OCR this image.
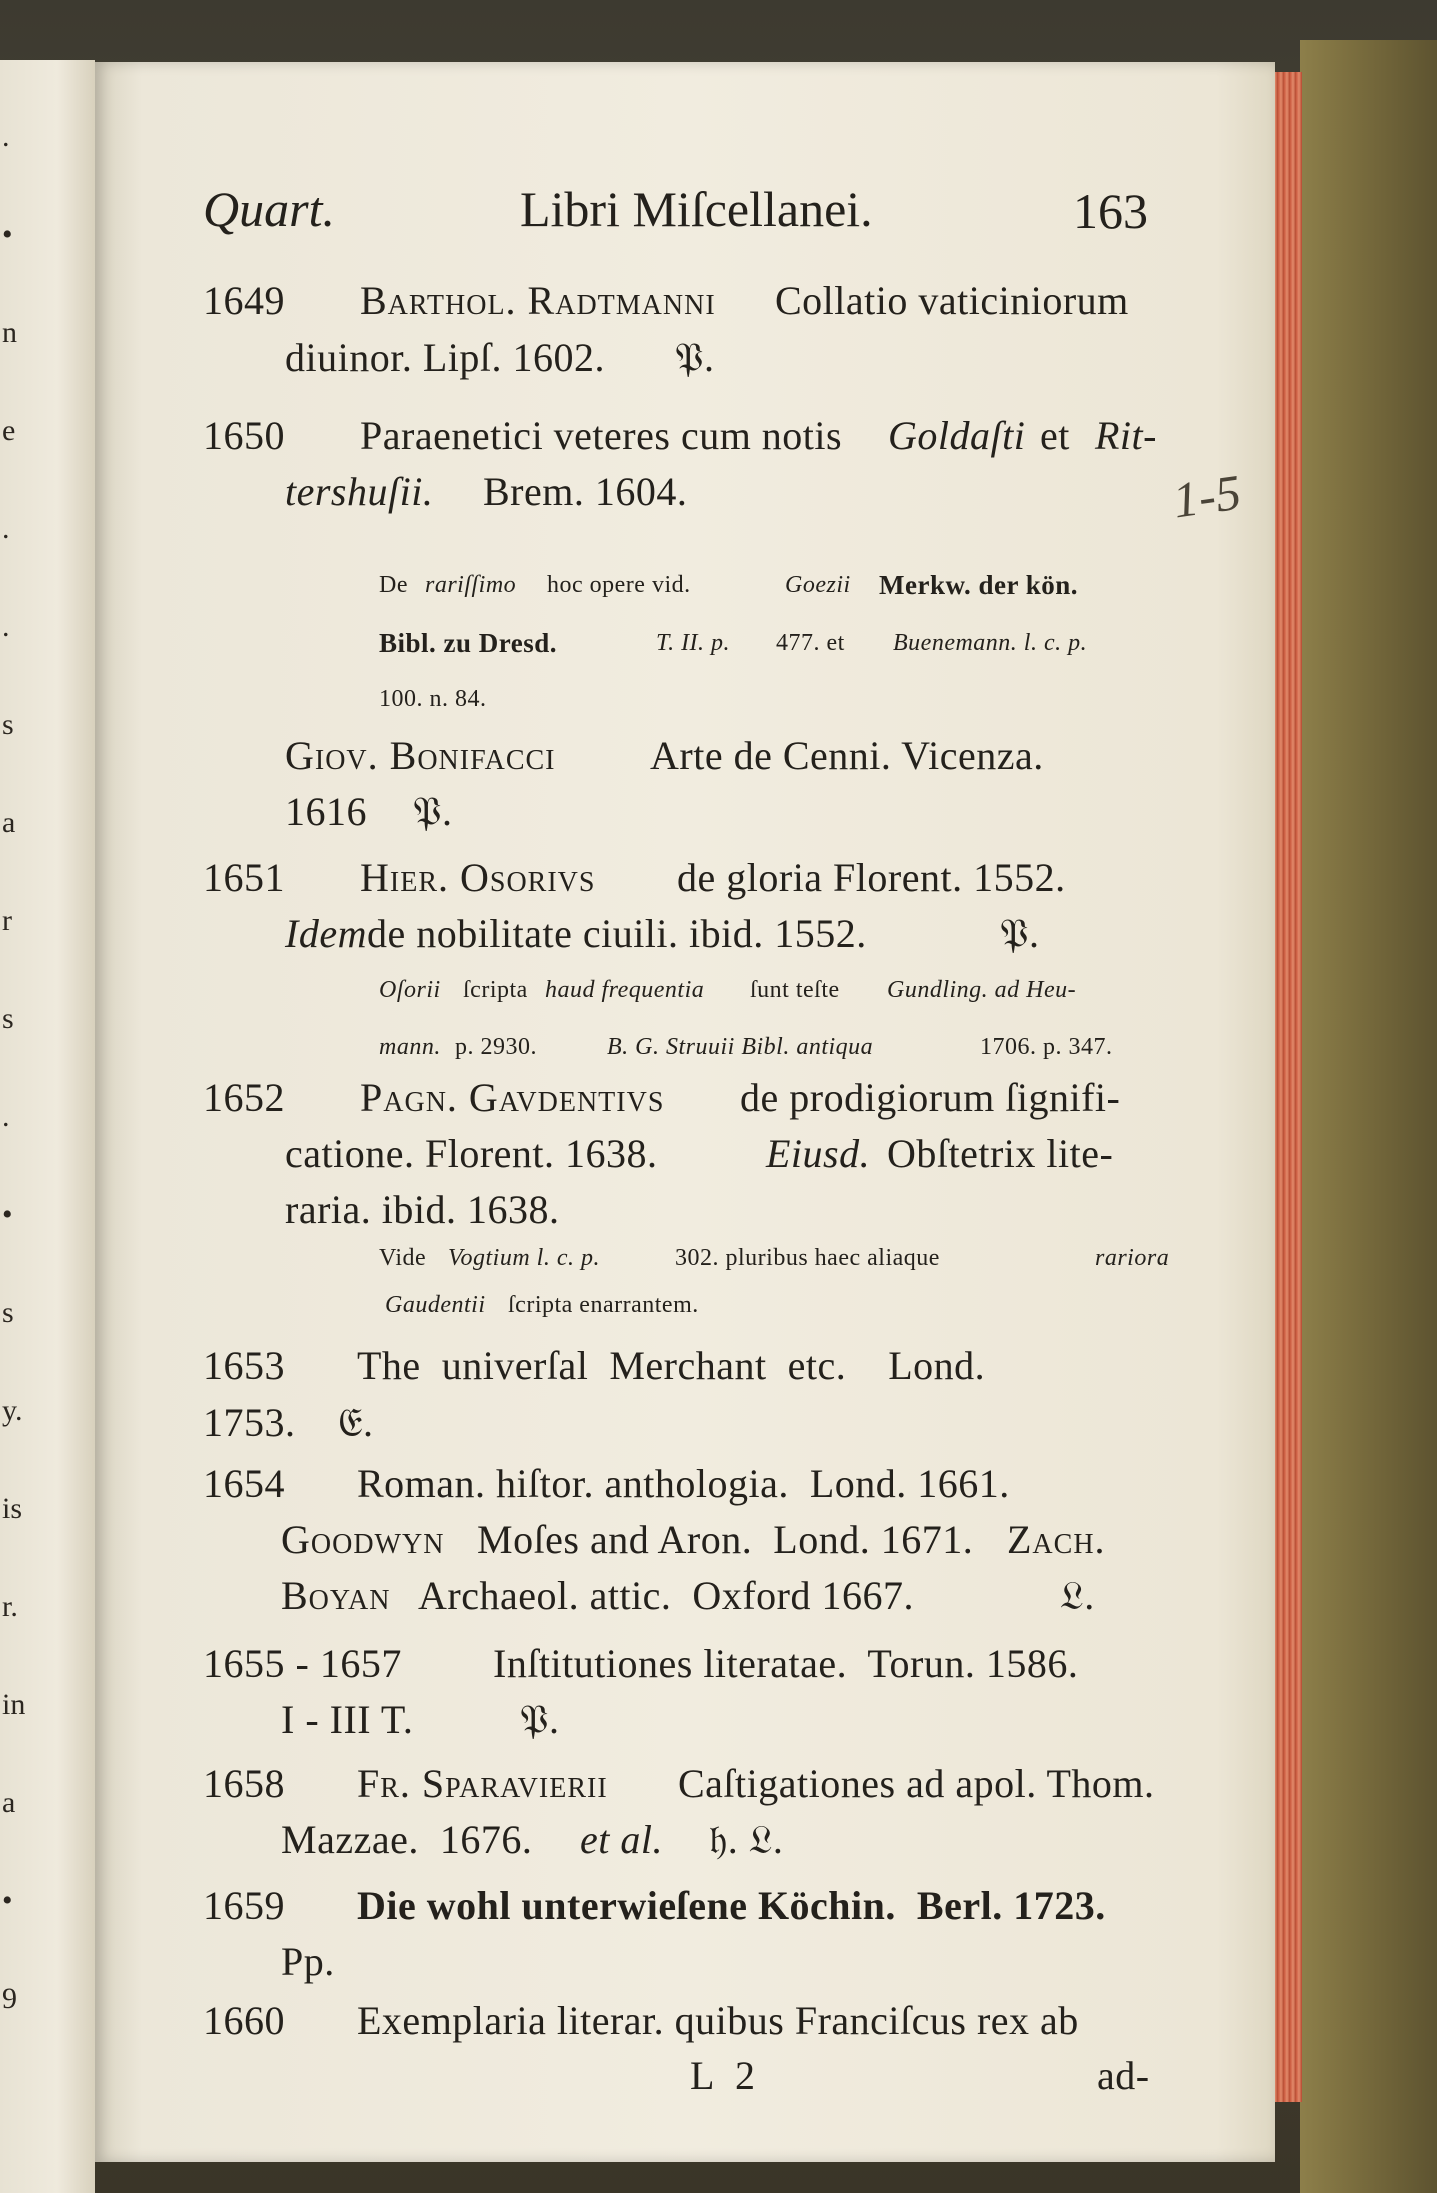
.
•
n
e
.
.
s
a
r
s
.
•
s
y.
is
r.
in
a
•
9
Quart.	Libri Miſcellanei.	163
1649 Barthol. Radtmanni Collatio vaticiniorum
diuinor. Lipſ. 1602. 𝔓.
1650 Paraenetici veteres cum notis Goldaſti et Rit-
tershuſii. Brem. 1604.	1-5
De rariſſimo hoc opere vid.	Goezii Merkw. der kön.
Bibl. zu Dresd.	T. II. p. 477. et Buenemann. l. c. p.
100. n. 84.
Giov. Bonifacci Arte de Cenni. Vicenza.
1616 𝔓.
1651 Hier. Osorivs de gloria Florent. 1552.
Idem de nobilitate ciuili. ibid. 1552.	𝔓.
Oſorii ſcripta haud frequentia ſunt teſte Gundling. ad Heu-
mann. p. 2930.	B. G. Struuii Bibl. antiqua	1706. p. 347.
1652 Pagn. Gavdentivs de prodigiorum ſignifi-
catione. Florent. 1638.	Eiusd. Obſtetrix lite-
raria. ibid. 1638.
Vide Vogtium l. c. p.	302. pluribus haec aliaque	rariora
Gaudentii ſcripta enarrantem.
1653 The  univerſal  Merchant  etc.    Lond.
1753. 𝔈.
1654 Roman. hiſtor. anthologia.  Lond. 1661.
Goodwyn Moſes and Aron.  Lond. 1671. Zach.
Boyan Archaeol. attic.  Oxford 1667.	𝔏.
1655 - 1657 Inſtitutiones literatae.  Torun. 1586.
I - III T.	𝔓.
1658 Fr. Sparavierii Caſtigationes ad apol. Thom.
Mazzae.  1676. et al. 𝔥. 𝔏.
1659 Die wohl unterwieſene Köchin.  Berl. 1723.
Pp.
1660 Exemplaria literar. quibus Franciſcus rex ab
L 2	ad-
